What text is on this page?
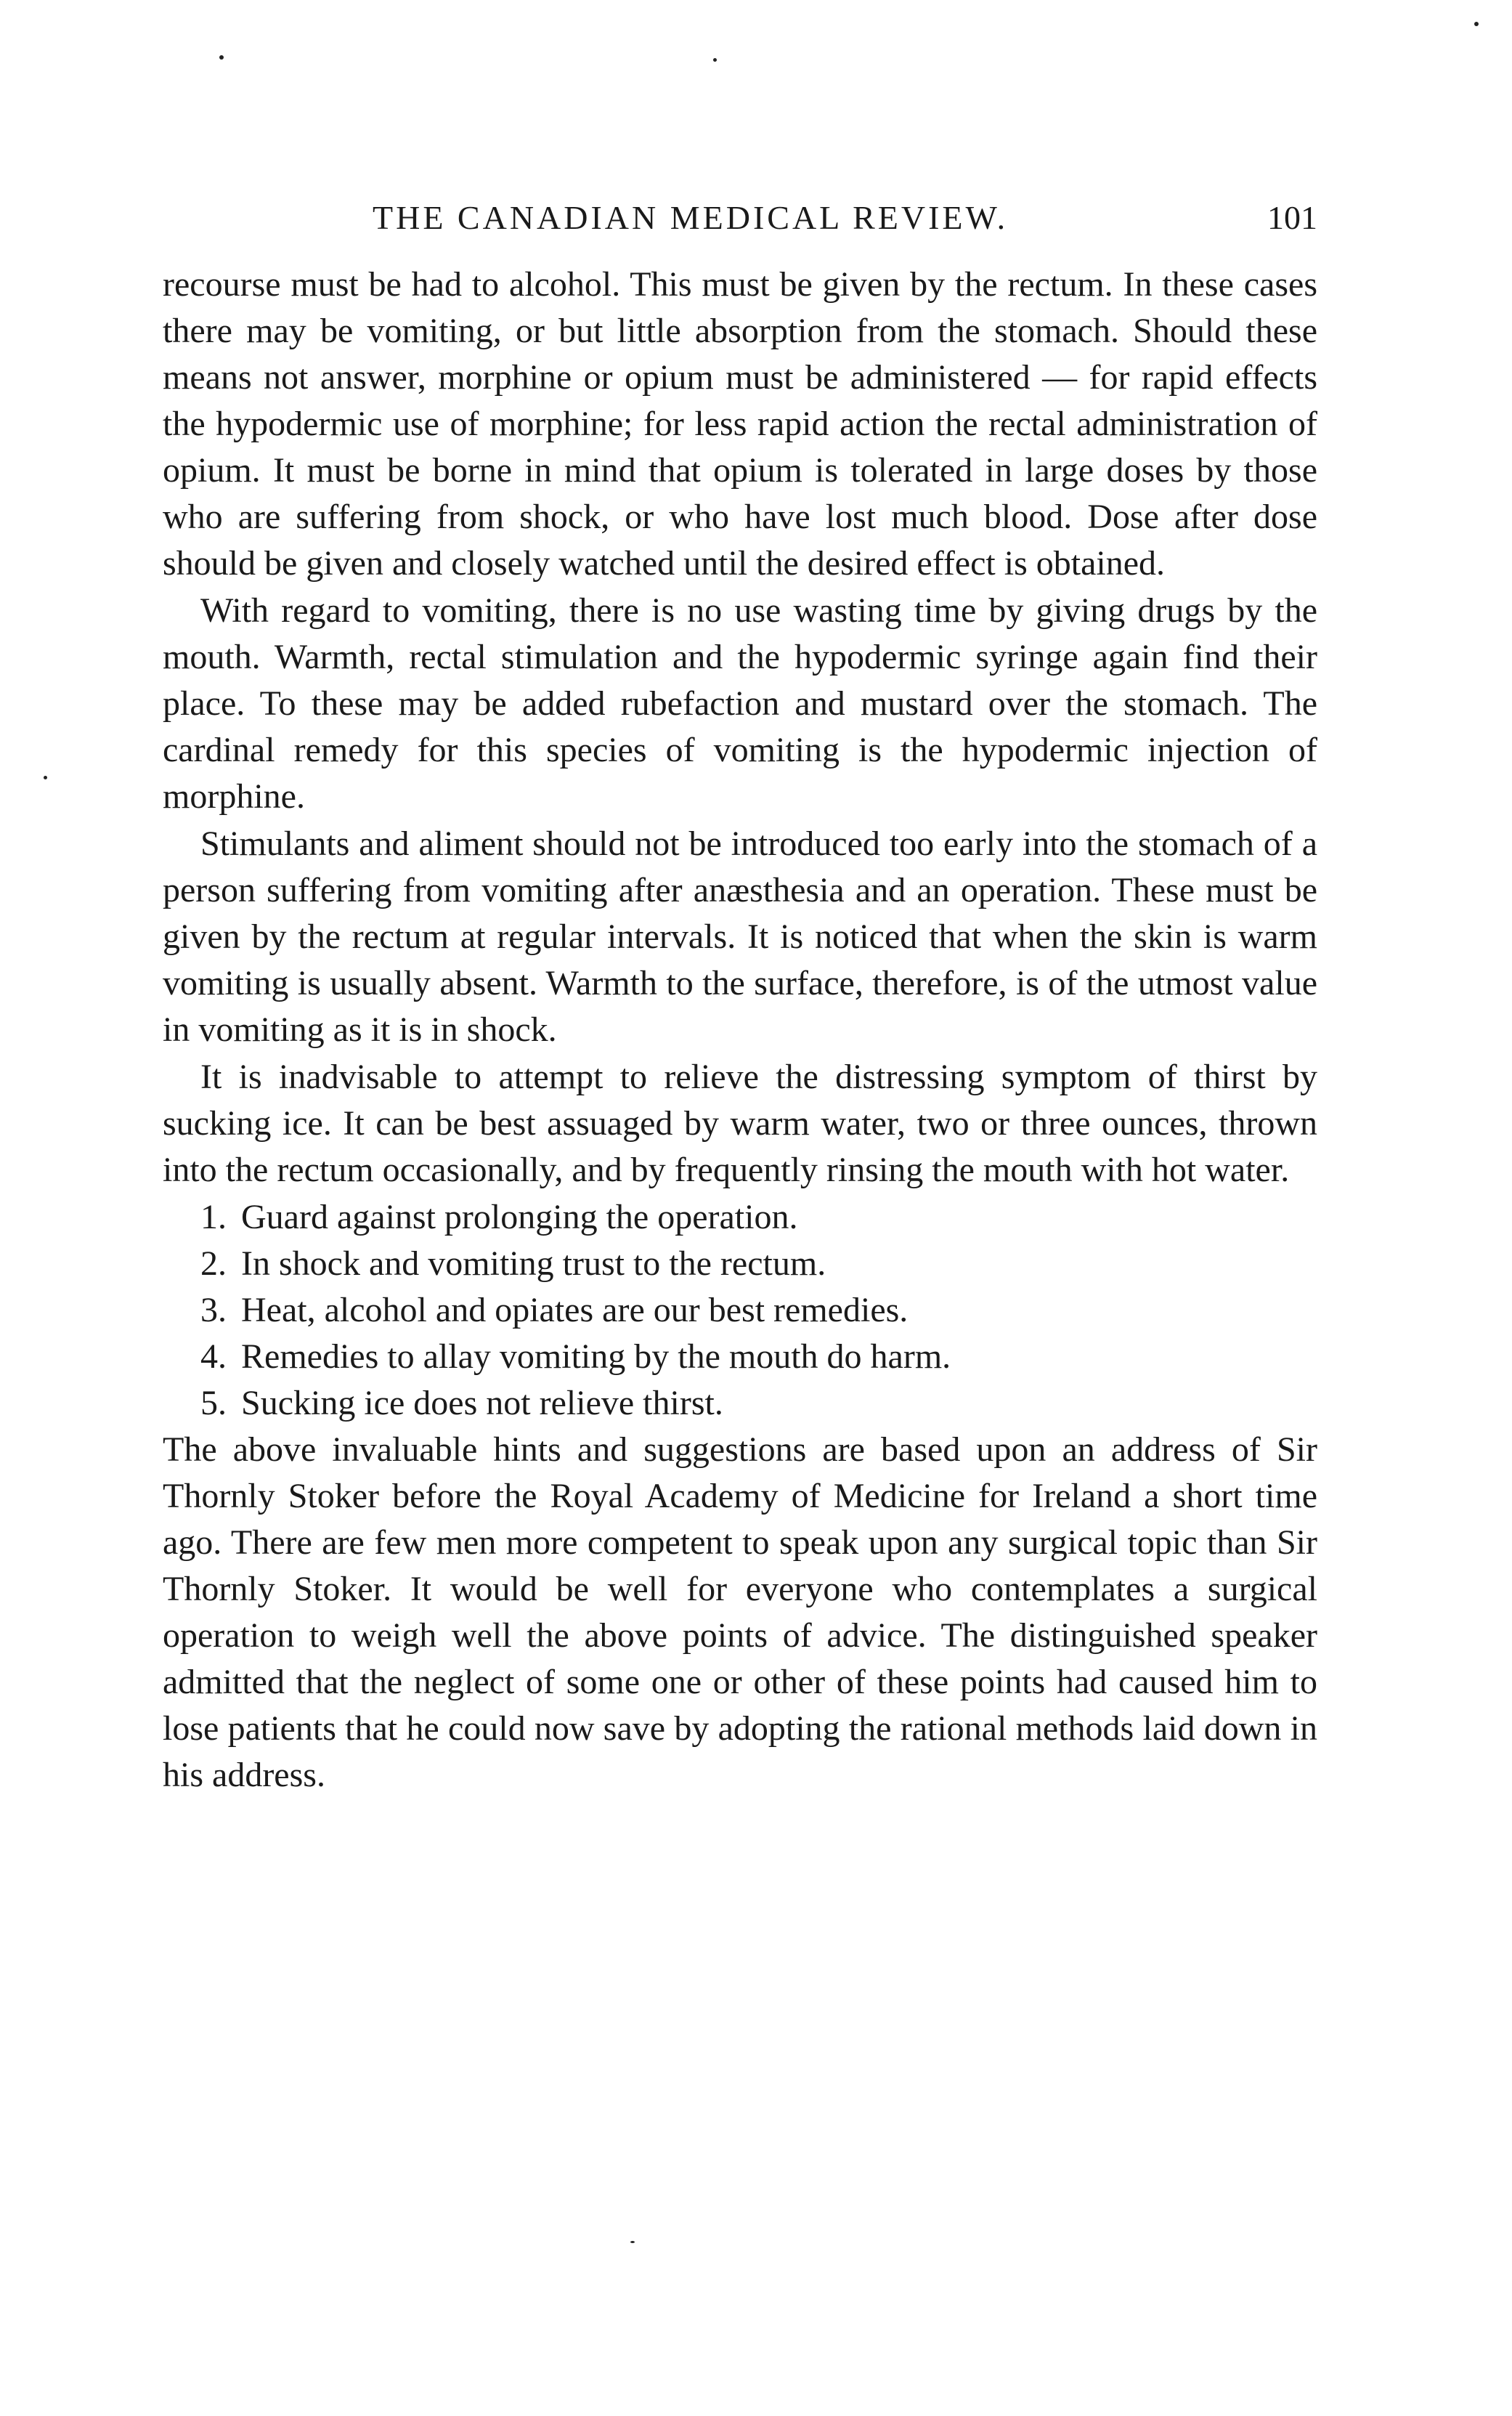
THE CANADIAN MEDICAL REVIEW.	101

recourse must be had to alcohol. This must be given by the rectum. In these cases there may be vomiting, or but little absorption from the stomach. Should these means not answer, morphine or opium must be administered — for rapid effects the hypodermic use of morphine; for less rapid action the rectal administration of opium. It must be borne in mind that opium is tolerated in large doses by those who are suffering from shock, or who have lost much blood. Dose after dose should be given and closely watched until the desired effect is obtained.

With regard to vomiting, there is no use wasting time by giving drugs by the mouth. Warmth, rectal stimulation and the hypodermic syringe again find their place. To these may be added rubefaction and mustard over the stomach. The cardinal remedy for this species of vomiting is the hypodermic injection of morphine.

Stimulants and aliment should not be introduced too early into the stomach of a person suffering from vomiting after anæsthesia and an operation. These must be given by the rectum at regular intervals. It is noticed that when the skin is warm vomiting is usually absent. Warmth to the surface, therefore, is of the utmost value in vomiting as it is in shock.

It is inadvisable to attempt to relieve the distressing symptom of thirst by sucking ice. It can be best assuaged by warm water, two or three ounces, thrown into the rectum occasionally, and by frequently rinsing the mouth with hot water.

1. Guard against prolonging the operation.
2. In shock and vomiting trust to the rectum.
3. Heat, alcohol and opiates are our best remedies.
4. Remedies to allay vomiting by the mouth do harm.
5. Sucking ice does not relieve thirst.

The above invaluable hints and suggestions are based upon an address of Sir Thornly Stoker before the Royal Academy of Medicine for Ireland a short time ago. There are few men more competent to speak upon any surgical topic than Sir Thornly Stoker. It would be well for everyone who contemplates a surgical operation to weigh well the above points of advice. The distinguished speaker admitted that the neglect of some one or other of these points had caused him to lose patients that he could now save by adopting the rational methods laid down in his address.
